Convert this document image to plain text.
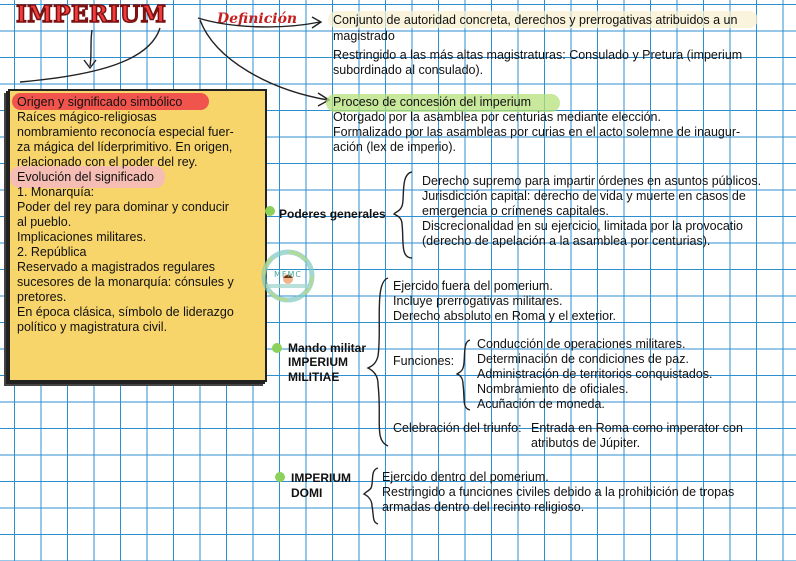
IMPERIUM	Definición	Conjunto de autoridad concreta, derechos y prerrogativas atribuidos a un
magistrado
Restringido a las más altas magistraturas: Consulado y Pretura (imperium
subordinado al consulado).
Proceso de concesión del imperium
Otorgado por la asamblea por centurias mediante elección.
Formalizado por las asambleas por curias en el acto solemne de inaugur-
ación (lex de imperio).
Origen y significado simbólico
Raíces mágico-religiosas
nombramiento reconocía especial fuer-
za mágica del líderprimitivo. En origen,
relacionado con el poder del rey.
Evolución del significado
1. Monarquía:
Poder del rey para dominar y conducir
al pueblo.
Implicaciones militares.
2. República
Reservado a magistrados regulares
sucesores de la monarquía: cónsules y
pretores.
En época clásica, símbolo de liderazgo
político y magistratura civil.
Poderes generales
Derecho supremo para impartir órdenes en asuntos públicos.
Jurisdicción capital: derecho de vida y muerte en casos de
emergencia o crímenes capitales.
Discrecionalidad en su ejercicio, limitada por la provocatio
(derecho de apelación a la asamblea por centurias).
MFMC
Mando militar
IMPERIUM
MILITIAE
Ejercido fuera del pomerium.
Incluye prerrogativas militares.
Derecho absoluto en Roma y el exterior.
Funciones:
Conducción de operaciones militares.
Determinación de condiciones de paz.
Administración de territorios conquistados.
Nombramiento de oficiales.
Acuñación de moneda.
Celebración del triunfo: Entrada en Roma como imperator con
atributos de Júpiter.
IMPERIUM
DOMI
Ejercido dentro del pomerium.
Restringido a funciones civiles debido a la prohibición de tropas
armadas dentro del recinto religioso.
